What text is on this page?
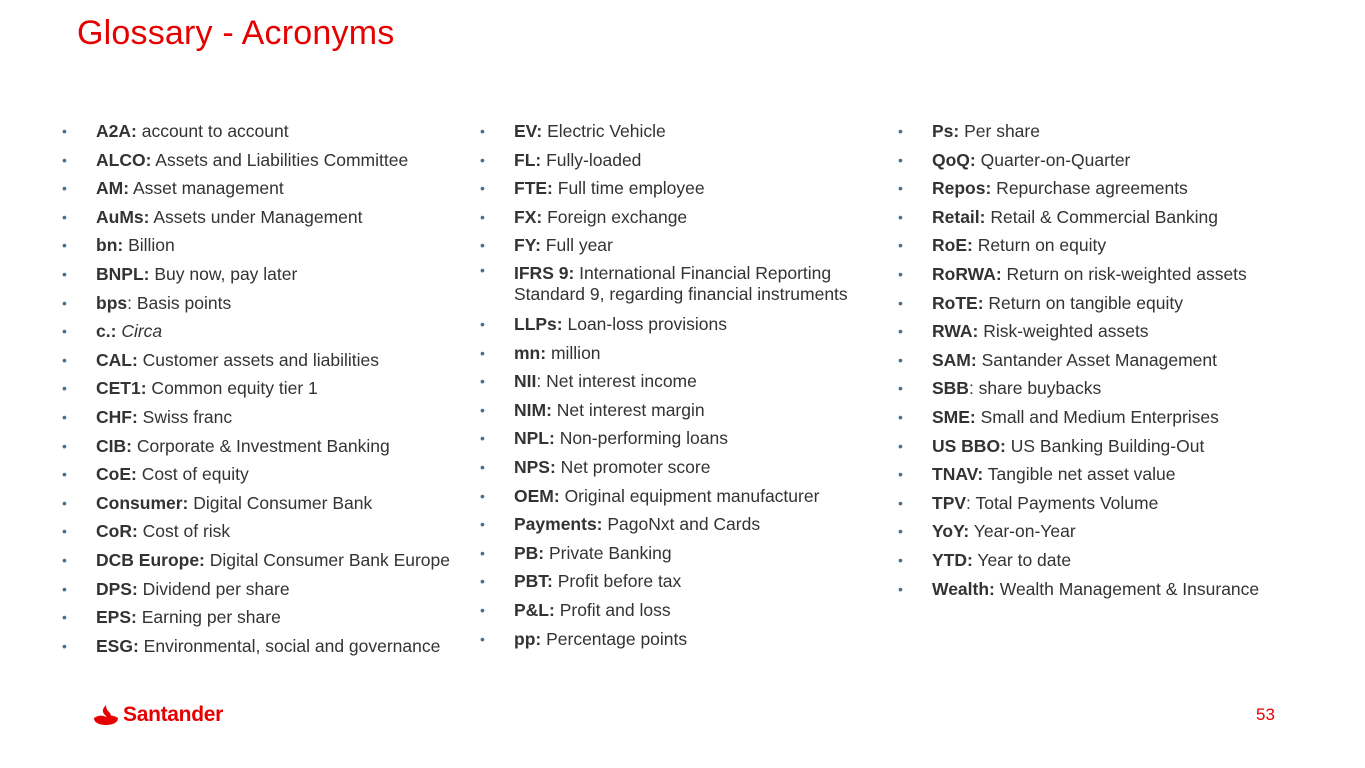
Glossary - Acronyms
• A2A: account to account
• ALCO: Assets and Liabilities Committee
• AM: Asset management
• AuMs: Assets under Management
• bn: Billion
• BNPL: Buy now, pay later
• bps: Basis points
• c.: Circa
• CAL: Customer assets and liabilities
• CET1: Common equity tier 1
• CHF: Swiss franc
• CIB: Corporate & Investment Banking
• CoE: Cost of equity
• Consumer: Digital Consumer Bank
• CoR: Cost of risk
• DCB Europe: Digital Consumer Bank Europe
• DPS: Dividend per share
• EPS: Earning per share
• ESG: Environmental, social and governance
• EV: Electric Vehicle
• FL: Fully-loaded
• FTE: Full time employee
• FX: Foreign exchange
• FY: Full year
• IFRS 9: International Financial Reporting Standard 9, regarding financial instruments
• LLPs: Loan-loss provisions
• mn: million
• NII: Net interest income
• NIM: Net interest margin
• NPL: Non-performing loans
• NPS: Net promoter score
• OEM: Original equipment manufacturer
• Payments: PagoNxt and Cards
• PB: Private Banking
• PBT: Profit before tax
• P&L: Profit and loss
• pp: Percentage points
• Ps: Per share
• QoQ: Quarter-on-Quarter
• Repos: Repurchase agreements
• Retail: Retail & Commercial Banking
• RoE: Return on equity
• RoRWA: Return on risk-weighted assets
• RoTE: Return on tangible equity
• RWA: Risk-weighted assets
• SAM: Santander Asset Management
• SBB: share buybacks
• SME: Small and Medium Enterprises
• US BBO: US Banking Building-Out
• TNAV: Tangible net asset value
• TPV: Total Payments Volume
• YoY: Year-on-Year
• YTD: Year to date
• Wealth: Wealth Management & Insurance
Santander	53
